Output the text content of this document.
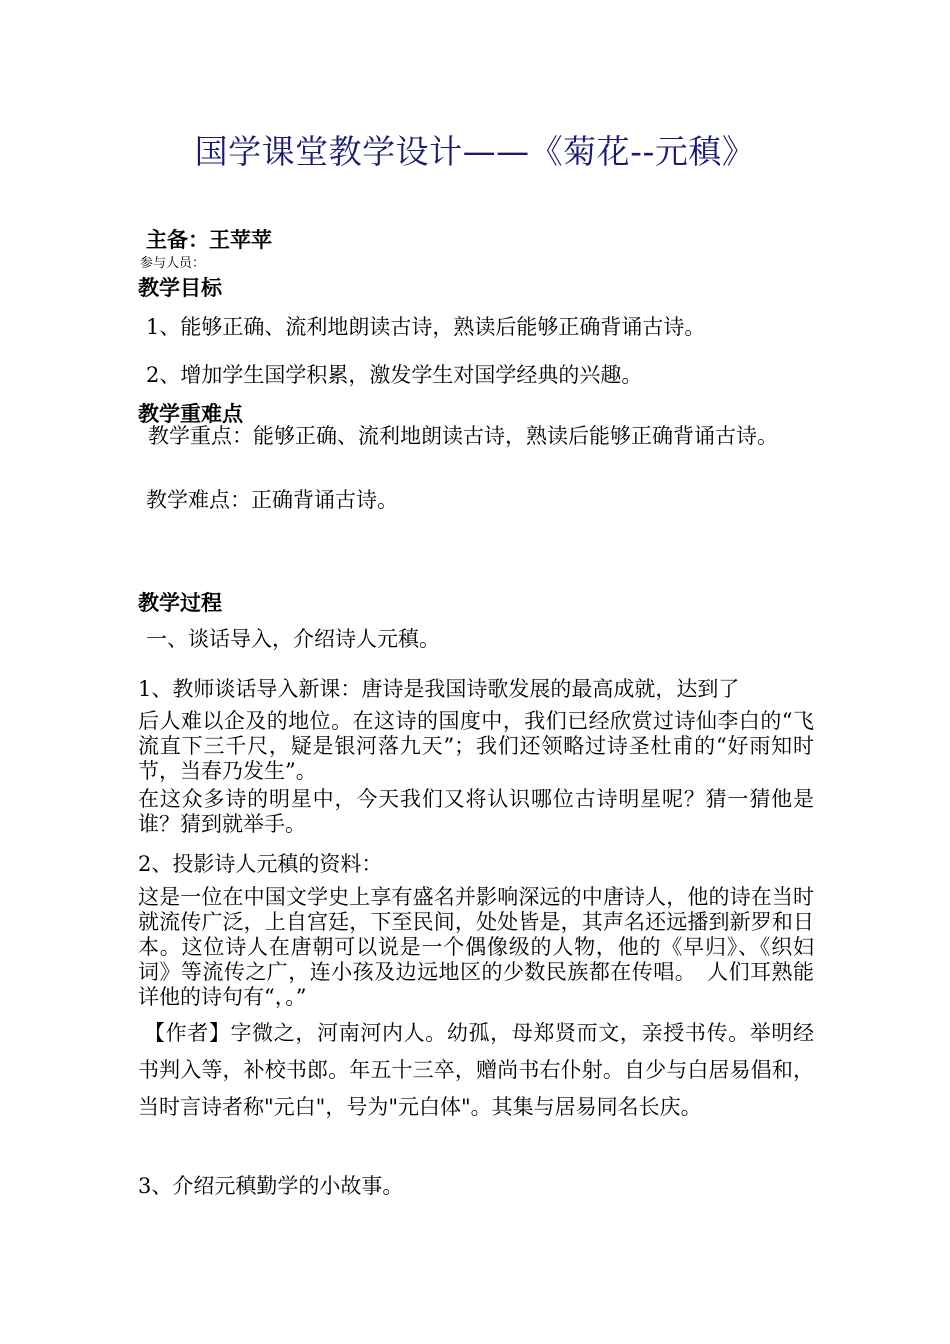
国学课堂教学设计——《菊花--元稹》
主备：王苹苹
参与人员：
教学目标
1、能够正确、流利地朗读古诗，熟读后能够正确背诵古诗。
2、增加学生国学积累，激发学生对国学经典的兴趣。
教学重难点
教学重点：能够正确、流利地朗读古诗，熟读后能够正确背诵古诗。
教学难点：正确背诵古诗。
教学过程
一、谈话导入，介绍诗人元稹。
1、教师谈话导入新课：唐诗是我国诗歌发展的最高成就，达到了
后人难以企及的地位。在这诗的国度中，我们已经欣赏过诗仙李白的“飞流直下三千尺，疑是银河落九天”；我们还领略过诗圣杜甫的“好雨知时节，当春乃发生”。
在这众多诗的明星中，今天我们又将认识哪位古诗明星呢？猜一猜他是谁？猜到就举手。
2、投影诗人元稹的资料：
这是一位在中国文学史上享有盛名并影响深远的中唐诗人，他的诗在当时就流传广泛，上自宫廷，下至民间，处处皆是，其声名还远播到新罗和日本。这位诗人在唐朝可以说是一个偶像级的人物，他的《早归》、《织妇词》等流传之广，连小孩及边远地区的少数民族都在传唱。　人们耳熟能详他的诗句有“，。”
【作者】字微之，河南河内人。幼孤，母郑贤而文，亲授书传。举明经书判入等，补校书郎。年五十三卒，赠尚书右仆射。自少与白居易倡和，当时言诗者称"元白"，号为"元白体"。其集与居易同名长庆。
3、介绍元稹勤学的小故事。
